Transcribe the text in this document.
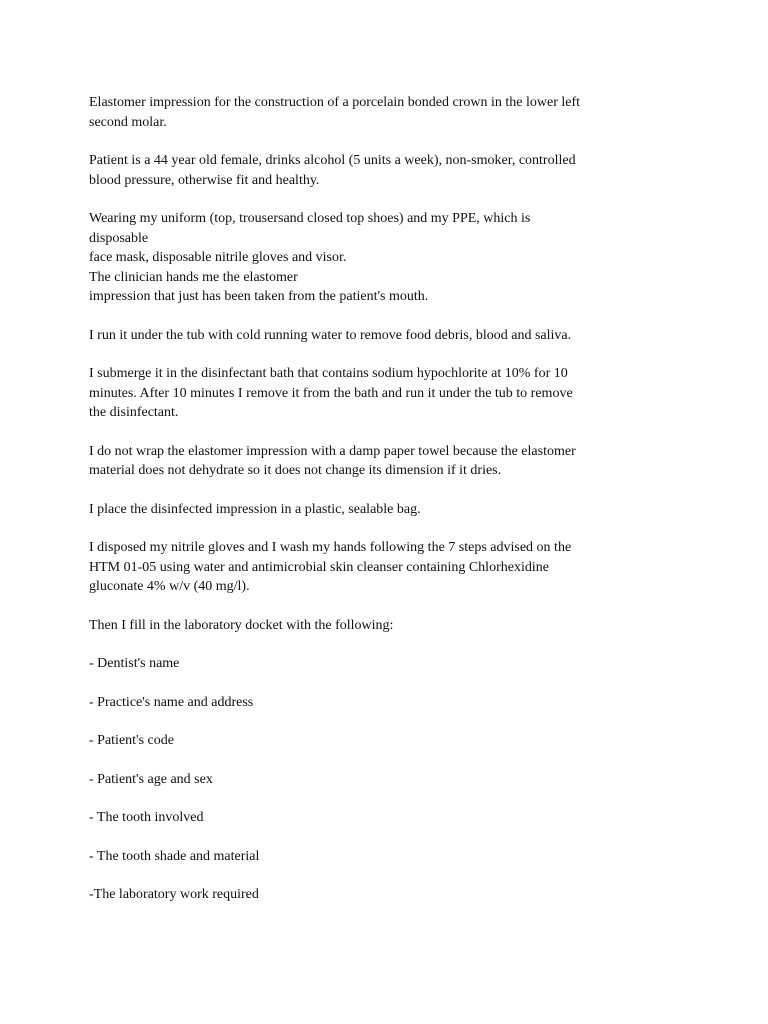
Elastomer impression for the construction of a porcelain bonded crown in the lower left
second molar.

Patient is a 44 year old female, drinks alcohol (5 units a week), non-smoker, controlled
blood pressure, otherwise fit and healthy.

Wearing my uniform (top, trousersand closed top shoes) and my PPE, which is
disposable
face mask, disposable nitrile gloves and visor.
The clinician hands me the elastomer
impression that just has been taken from the patient's mouth.

I run it under the tub with cold running water to remove food debris, blood and saliva.

I submerge it in the disinfectant bath that contains sodium hypochlorite at 10% for 10
minutes. After 10 minutes I remove it from the bath and run it under the tub to remove
the disinfectant.

I do not wrap the elastomer impression with a damp paper towel because the elastomer
material does not dehydrate so it does not change its dimension if it dries.

I place the disinfected impression in a plastic, sealable bag.

I disposed my nitrile gloves and I wash my hands following the 7 steps advised on the
HTM 01-05 using water and antimicrobial skin cleanser containing Chlorhexidine
gluconate 4% w/v (40 mg/l).

Then I fill in the laboratory docket with the following:

- Dentist's name

- Practice's name and address

- Patient's code

- Patient's age and sex

- The tooth involved

- The tooth shade and material

-The laboratory work required
